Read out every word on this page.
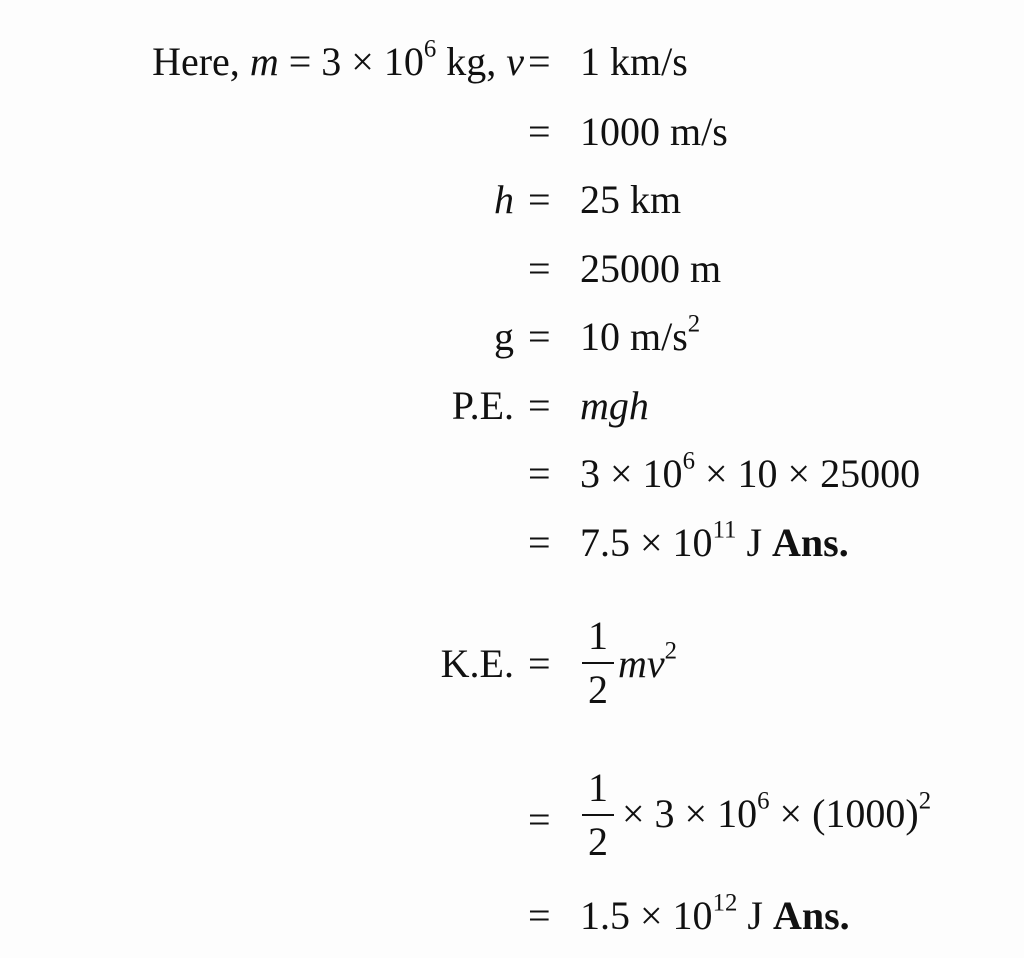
Here, $m = 3 \times 10^6$ kg, v = 1 km/s
= 1000 m/s
h = 25 km
= 25000 m
g = 10 $m/s^2$
P.E. = mgh
= $3 \times 10^6 \times 10 \times 25000$
= $7.5 \times 10^{11}$ J Ans.
K.E. =
1
2
$mv^2$
=
1
2
× $3 \times 10^6 \times (1000)^2$
= $1.5 \times 10^{12}$ J Ans.
